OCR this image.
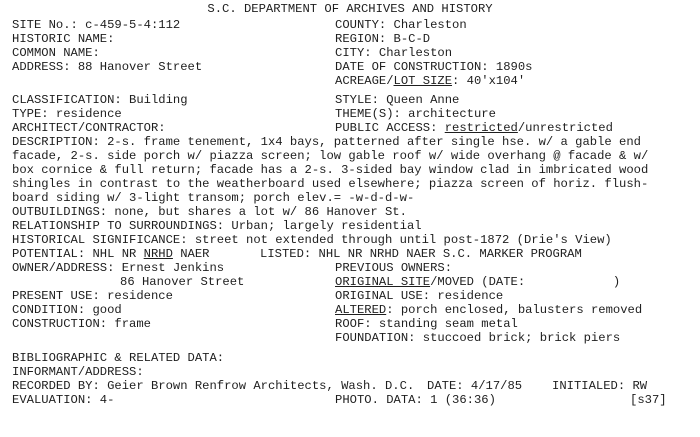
S.C. DEPARTMENT OF ARCHIVES AND HISTORY
SITE No.: c-459-5-4:112	COUNTY: Charleston
HISTORIC NAME:	REGION: B-C-D
COMMON NAME:	CITY: Charleston
ADDRESS: 88 Hanover Street	DATE OF CONSTRUCTION: 1890s
ACREAGE/LOT SIZE: 40'x104'
CLASSIFICATION: Building	STYLE: Queen Anne
TYPE: residence	THEME(S): architecture
ARCHITECT/CONTRACTOR:	PUBLIC ACCESS: restricted/unrestricted
DESCRIPTION: 2-s. frame tenement, 1x4 bays, patterned after single hse. w/ a gable end
facade, 2-s. side porch w/ piazza screen; low gable roof w/ wide overhang @ facade & w/
box cornice & full return; facade has a 2-s. 3-sided bay window clad in imbricated wood
shingles in contrast to the weatherboard used elsewhere; piazza screen of horiz. flush-
board siding w/ 3-light transom; porch elev.= -w-d-d-w-
OUTBUILDINGS: none, but shares a lot w/ 86 Hanover St.
RELATIONSHIP TO SURROUNDINGS: Urban; largely residential
HISTORICAL SIGNIFICANCE: street not extended through until post-1872 (Drie's View)
POTENTIAL: NHL NR NRHD NAER	LISTED: NHL NR NRHD NAER S.C. MARKER PROGRAM
OWNER/ADDRESS: Ernest Jenkins	PREVIOUS OWNERS:
86 Hanover Street	ORIGINAL SITE/MOVED (DATE:            )
PRESENT USE: residence	ORIGINAL USE: residence
CONDITION: good	ALTERED: porch enclosed, balusters removed
CONSTRUCTION: frame	ROOF: standing seam metal
FOUNDATION: stuccoed brick; brick piers
BIBLIOGRAPHIC & RELATED DATA:
INFORMANT/ADDRESS:
RECORDED BY: Geier Brown Renfrow Architects, Wash. D.C. DATE: 4/17/85 INITIALED: RW
EVALUATION: 4-	PHOTO. DATA: 1 (36:36)	[s37]
